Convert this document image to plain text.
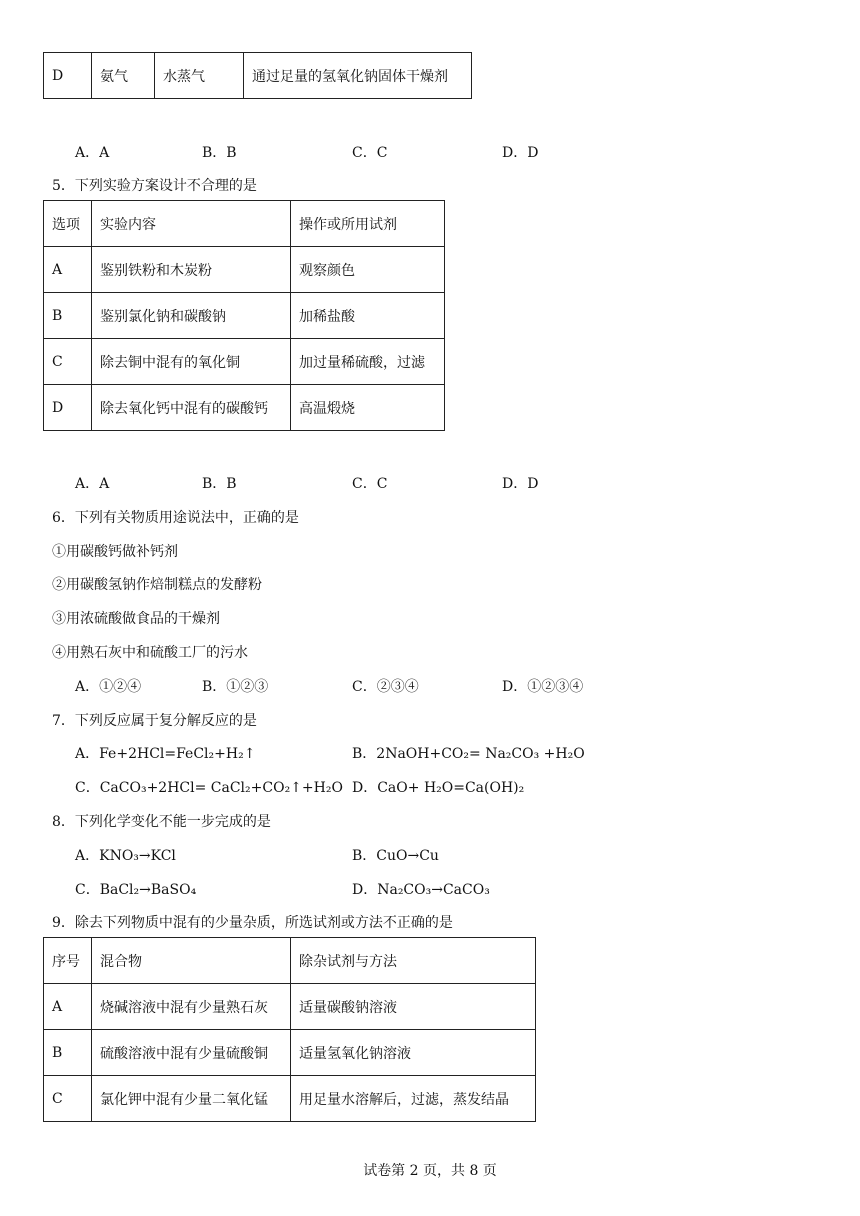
D	氨气	水蒸气	通过足量的氢氧化钠固体干燥剂
A．A	B．B	C．C	D．D
5．下列实验方案设计不合理的是
选项	实验内容	操作或所用试剂
A	鉴别铁粉和木炭粉	观察颜色
B	鉴别氯化钠和碳酸钠	加稀盐酸
C	除去铜中混有的氧化铜	加过量稀硫酸，过滤
D	除去氧化钙中混有的碳酸钙	高温煅烧
A．A	B．B	C．C	D．D
6．下列有关物质用途说法中，正确的是
①用碳酸钙做补钙剂
②用碳酸氢钠作焙制糕点的发酵粉
③用浓硫酸做食品的干燥剂
④用熟石灰中和硫酸工厂的污水
A．①②④	B．①②③	C．②③④	D．①②③④
7．下列反应属于复分解反应的是
A．Fe+2HCl=FeCl₂+H₂↑	B．2NaOH+CO₂= Na₂CO₃ +H₂O
C．CaCO₃+2HCl= CaCl₂+CO₂↑+H₂O D．CaO+ H₂O=Ca(OH)₂
8．下列化学变化不能一步完成的是
A．KNO₃→KCl	B．CuO→Cu
C．BaCl₂→BaSO₄	D．Na₂CO₃→CaCO₃
9．除去下列物质中混有的少量杂质，所选试剂或方法不正确的是
序号	混合物	除杂试剂与方法
A	烧碱溶液中混有少量熟石灰	适量碳酸钠溶液
B	硫酸溶液中混有少量硫酸铜	适量氢氧化钠溶液
C	氯化钾中混有少量二氧化锰	用足量水溶解后，过滤，蒸发结晶
试卷第 2 页，共 8 页
